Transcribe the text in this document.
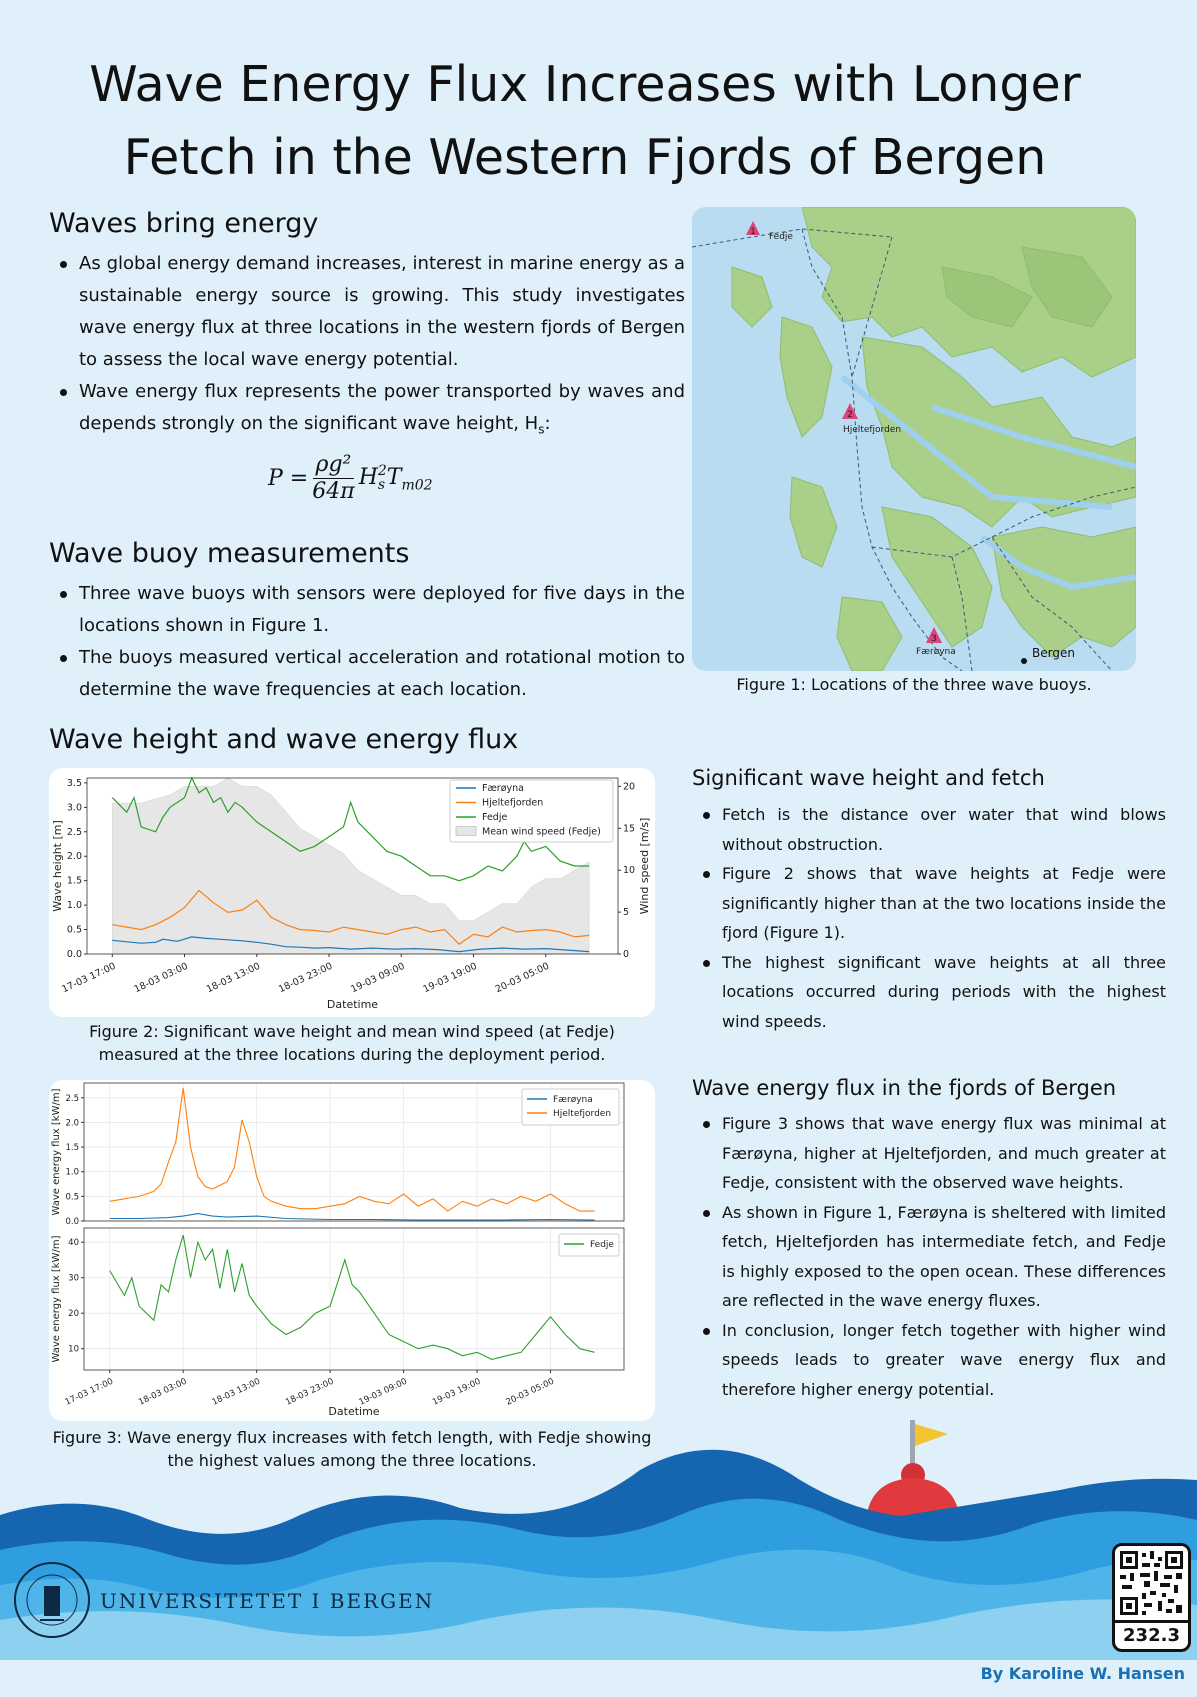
Wave Energy Flux Increases with Longer
Fetch in the Western Fjords of Bergen
Waves bring energy
As global energy demand increases, interest in marine energy as a sustainable energy source is growing. This study investigates wave energy flux at three locations in the western fjords of Bergen to assess the local wave energy potential.
Wave energy flux represents the power transported by waves and depends strongly on the significant wave height, $H_s$:
$P = \frac{\text{ρg²}}{64\pi}$ H 2
s $T_{m02}$
Wave buoy measurements
Three wave buoys with sensors were deployed for five days in the locations shown in Figure 1.
The buoys measured vertical acceleration and rotational motion to determine the wave frequencies at each location.
Wave height and wave energy flux
0.0
0.5
1.0
1.5
2.0
2.5
3.0
3.5
0
5
10
15
20
17-03 17:00 18-03 03:00 18-03 13:00 18-03 23:00 19-03 09:00 19-03 19:00 20-03 05:00
Datetime
Wave height [m]	Wind speed [m/s]
Færøyna
Hjeltefjorden
Fedje
Mean wind speed (Fedje)
Figure 2: Significant wave height and mean wind speed (at Fedje) measured at the three locations during the deployment period.
0.0
0.5
1.0
1.5
2.0
2.5
Wave energy flux [kW/m]	Færøyna
Hjeltefjorden
10
20
30
40
Wave energy flux [kW/m]	Fedje
17-03 17:00	18-03 03:00	18-03 13:00	18-03 23:00	19-03 09:00	19-03 19:00	20-03 05:00
Datetime
Figure 3: Wave energy flux increases with fetch length, with Fedje showing the highest values among the three locations.
1 Fedje
2
Hjeltefjorden
3
Færøyna	Bergen
Figure 1: Locations of the three wave buoys.
Significant wave height and fetch
Fetch is the distance over water that wind blows without obstruction.
Figure 2 shows that wave heights at Fedje were significantly higher than at the two locations inside the fjord (Figure 1).
The highest significant wave heights at all three locations occurred during periods with the highest wind speeds.
Wave energy flux in the fjords of Bergen
Figure 3 shows that wave energy flux was minimal at Færøyna, higher at Hjeltefjorden, and much greater at Fedje, consistent with the observed wave heights.
As shown in Figure 1, Færøyna is sheltered with limited fetch, Hjeltefjorden has intermediate fetch, and Fedje is highly exposed to the open ocean. These differences are reflected in the wave energy fluxes.
In conclusion, longer fetch together with higher wind speeds leads to greater wave energy flux and therefore higher energy potential.
UNIVERSITETET I BERGEN
232.3
By Karoline W. Hansen
